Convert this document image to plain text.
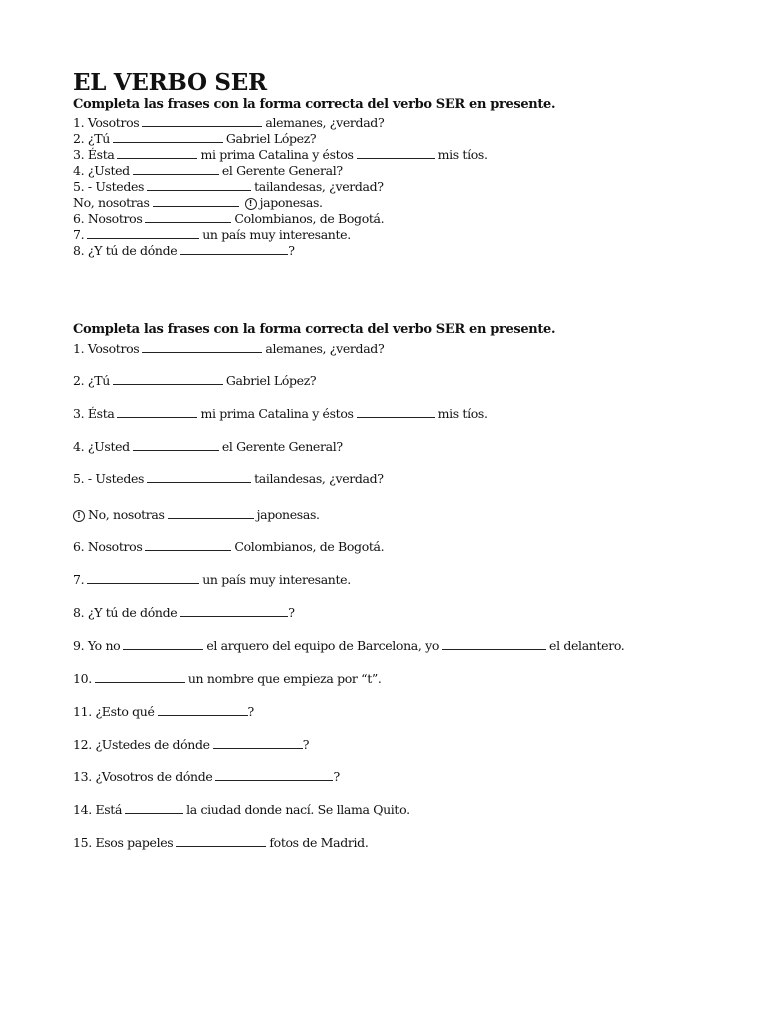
EL VERBO SER
Completa las frases con la forma correcta del verbo SER en presente.
1. Vosotros	alemanes, ¿verdad?
2. ¿Tú	Gabriel López?
3. Ésta	mi prima Catalina y éstos	mis tíos.
4. ¿Usted	el Gerente General?
5. - Ustedes	tailandesas, ¿verdad?
No, nosotras	! japonesas.
6. Nosotros	Colombianos, de Bogotá.
7.	un país muy interesante.
8. ¿Y tú de dónde	?
Completa las frases con la forma correcta del verbo SER en presente.
1. Vosotros	alemanes, ¿verdad?
2. ¿Tú	Gabriel López?
3. Ésta	mi prima Catalina y éstos	mis tíos.
4. ¿Usted	el Gerente General?
5. - Ustedes	tailandesas, ¿verdad?
! No, nosotras	japonesas.
6. Nosotros	Colombianos, de Bogotá.
7.	un país muy interesante.
8. ¿Y tú de dónde	?
9. Yo no	el arquero del equipo de Barcelona, yo	el delantero.
10.	un nombre que empieza por “t”.
11. ¿Esto qué	?
12. ¿Ustedes de dónde	?
13. ¿Vosotros de dónde	?
14. Está	la ciudad donde nací. Se llama Quito.
15. Esos papeles	fotos de Madrid.
